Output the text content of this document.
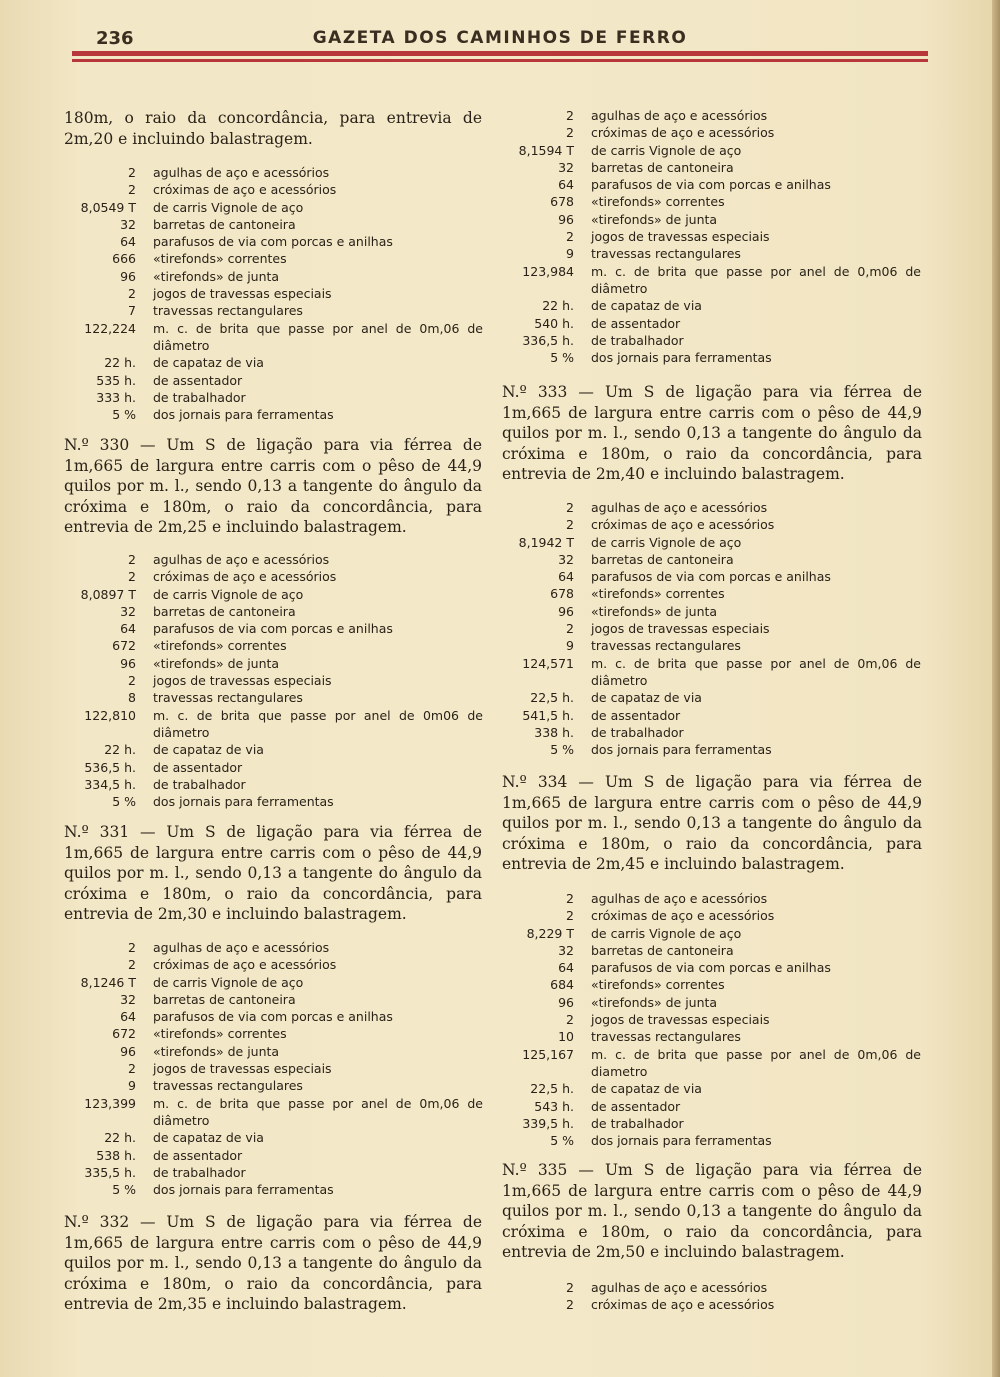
236	GAZETA DOS CAMINHOS DE FERRO

180m, o raio da concordância, para entrevia de 2m,20 e incluindo balastragem.

2 agulhas de aço e acessórios
2 cróximas de aço e acessórios
8,0549 T de carris Vignole de aço
32 barretas de cantoneira
64 parafusos de via com porcas e anilhas
666 «tirefonds» correntes
96 «tirefonds» de junta
2 jogos de travessas especiais
7 travessas rectangulares
122,224 m. c. de brita que passe por anel de 0m,06 de diâmetro
22 h. de capataz de via
535 h. de assentador
333 h. de trabalhador
5 % dos jornais para ferramentas

N.º 330 — Um S de ligação para via férrea de 1m,665 de largura entre carris com o pêso de 44,9 quilos por m. l., sendo 0,13 a tangente do ângulo da cróxima e 180m, o raio da concordância, para entrevia de 2m,25 e incluindo balastragem.

2 agulhas de aço e acessórios
2 cróximas de aço e acessórios
8,0897 T de carris Vignole de aço
32 barretas de cantoneira
64 parafusos de via com porcas e anilhas
672 «tirefonds» correntes
96 «tirefonds» de junta
2 jogos de travessas especiais
8 travessas rectangulares
122,810 m. c. de brita que passe por anel de 0m06 de diâmetro
22 h. de capataz de via
536,5 h. de assentador
334,5 h. de trabalhador
5 % dos jornais para ferramentas

N.º 331 — Um S de ligação para via férrea de 1m,665 de largura entre carris com o pêso de 44,9 quilos por m. l., sendo 0,13 a tangente do ângulo da cróxima e 180m, o raio da concordância, para entrevia de 2m,30 e incluindo balastragem.

2 agulhas de aço e acessórios
2 cróximas de aço e acessórios
8,1246 T de carris Vignole de aço
32 barretas de cantoneira
64 parafusos de via com porcas e anilhas
672 «tirefonds» correntes
96 «tirefonds» de junta
2 jogos de travessas especiais
9 travessas rectangulares
123,399 m. c. de brita que passe por anel de 0m,06 de diâmetro
22 h. de capataz de via
538 h. de assentador
335,5 h. de trabalhador
5 % dos jornais para ferramentas

N.º 332 — Um S de ligação para via férrea de 1m,665 de largura entre carris com o pêso de 44,9 quilos por m. l., sendo 0,13 a tangente do ângulo da cróxima e 180m, o raio da concordância, para entrevia de 2m,35 e incluindo balastragem.

2 agulhas de aço e acessórios
2 cróximas de aço e acessórios
8,1594 T de carris Vignole de aço
32 barretas de cantoneira
64 parafusos de via com porcas e anilhas
678 «tirefonds» correntes
96 «tirefonds» de junta
2 jogos de travessas especiais
9 travessas rectangulares
123,984 m. c. de brita que passe por anel de 0,m06 de diâmetro
22 h. de capataz de via
540 h. de assentador
336,5 h. de trabalhador
5 % dos jornais para ferramentas

N.º 333 — Um S de ligação para via férrea de 1m,665 de largura entre carris com o pêso de 44,9 quilos por m. l., sendo 0,13 a tangente do ângulo da cróxima e 180m, o raio da concordância, para entrevia de 2m,40 e incluindo balastragem.

2 agulhas de aço e acessórios
2 cróximas de aço e acessórios
8,1942 T de carris Vignole de aço
32 barretas de cantoneira
64 parafusos de via com porcas e anilhas
678 «tirefonds» correntes
96 «tirefonds» de junta
2 jogos de travessas especiais
9 travessas rectangulares
124,571 m. c. de brita que passe por anel de 0m,06 de diâmetro
22,5 h. de capataz de via
541,5 h. de assentador
338 h. de trabalhador
5 % dos jornais para ferramentas

N.º 334 — Um S de ligação para via férrea de 1m,665 de largura entre carris com o pêso de 44,9 quilos por m. l., sendo 0,13 a tangente do ângulo da cróxima e 180m, o raio da concordância, para entrevia de 2m,45 e incluindo balastragem.

2 agulhas de aço e acessórios
2 cróximas de aço e acessórios
8,229 T de carris Vignole de aço
32 barretas de cantoneira
64 parafusos de via com porcas e anilhas
684 «tirefonds» correntes
96 «tirefonds» de junta
2 jogos de travessas especiais
10 travessas rectangulares
125,167 m. c. de brita que passe por anel de 0m,06 de diametro
22,5 h. de capataz de via
543 h. de assentador
339,5 h. de trabalhador
5 % dos jornais para ferramentas

N.º 335 — Um S de ligação para via férrea de 1m,665 de largura entre carris com o pêso de 44,9 quilos por m. l., sendo 0,13 a tangente do ângulo da cróxima e 180m, o raio da concordância, para entrevia de 2m,50 e incluindo balastragem.

2 agulhas de aço e acessórios
2 cróximas de aço e acessórios
